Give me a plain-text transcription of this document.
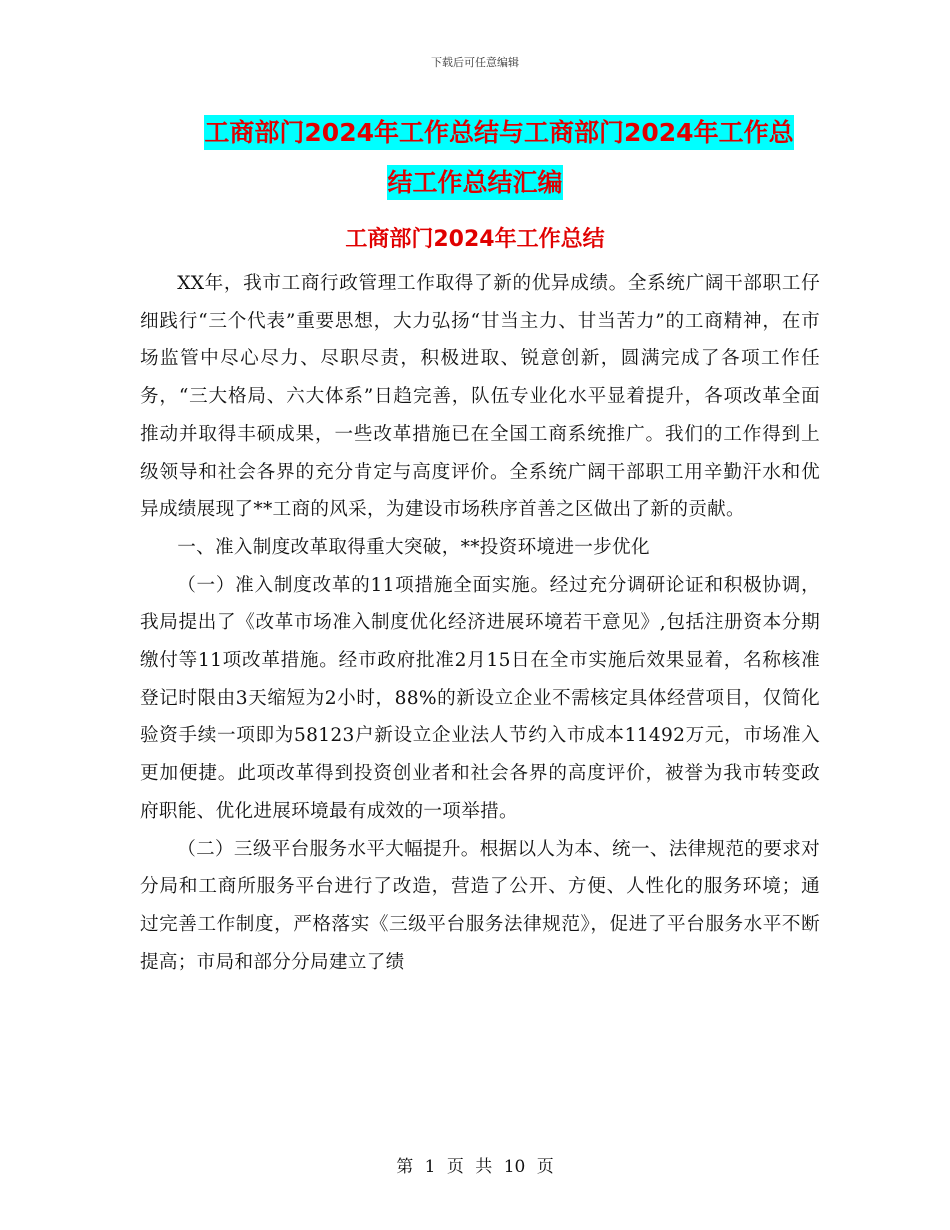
下载后可任意编辑
工商部门2024年工作总结与工商部门2024年工作总
结工作总结汇编
工商部门2024年工作总结

XX年，我市工商行政管理工作取得了新的优异成绩。全系统广阔干部职工仔细践行“三个代表”重要思想，大力弘扬“甘当主力、甘当苦力”的工商精神，在市场监管中尽心尽力、尽职尽责，积极进取、锐意创新，圆满完成了各项工作任务，“三大格局、六大体系”日趋完善，队伍专业化水平显着提升，各项改革全面推动并取得丰硕成果，一些改革措施已在全国工商系统推广。我们的工作得到上级领导和社会各界的充分肯定与高度评价。全系统广阔干部职工用辛勤汗水和优异成绩展现了**工商的风采，为建设市场秩序首善之区做出了新的贡献。

一、准入制度改革取得重大突破，**投资环境进一步优化

（一）准入制度改革的11项措施全面实施。经过充分调研论证和积极协调，我局提出了《改革市场准入制度优化经济进展环境若干意见》,包括注册资本分期缴付等11项改革措施。经市政府批准2月15日在全市实施后效果显着，名称核准登记时限由3天缩短为2小时，88%的新设立企业不需核定具体经营项目，仅简化验资手续一项即为58123户新设立企业法人节约入市成本11492万元，市场准入更加便捷。此项改革得到投资创业者和社会各界的高度评价，被誉为我市转变政府职能、优化进展环境最有成效的一项举措。

（二）三级平台服务水平大幅提升。根据以人为本、统一、法律规范的要求对分局和工商所服务平台进行了改造，营造了公开、方便、人性化的服务环境；通过完善工作制度，严格落实《三级平台服务法律规范》，促进了平台服务水平不断提高；市局和部分分局建立了绩

第 1 页 共 10 页
